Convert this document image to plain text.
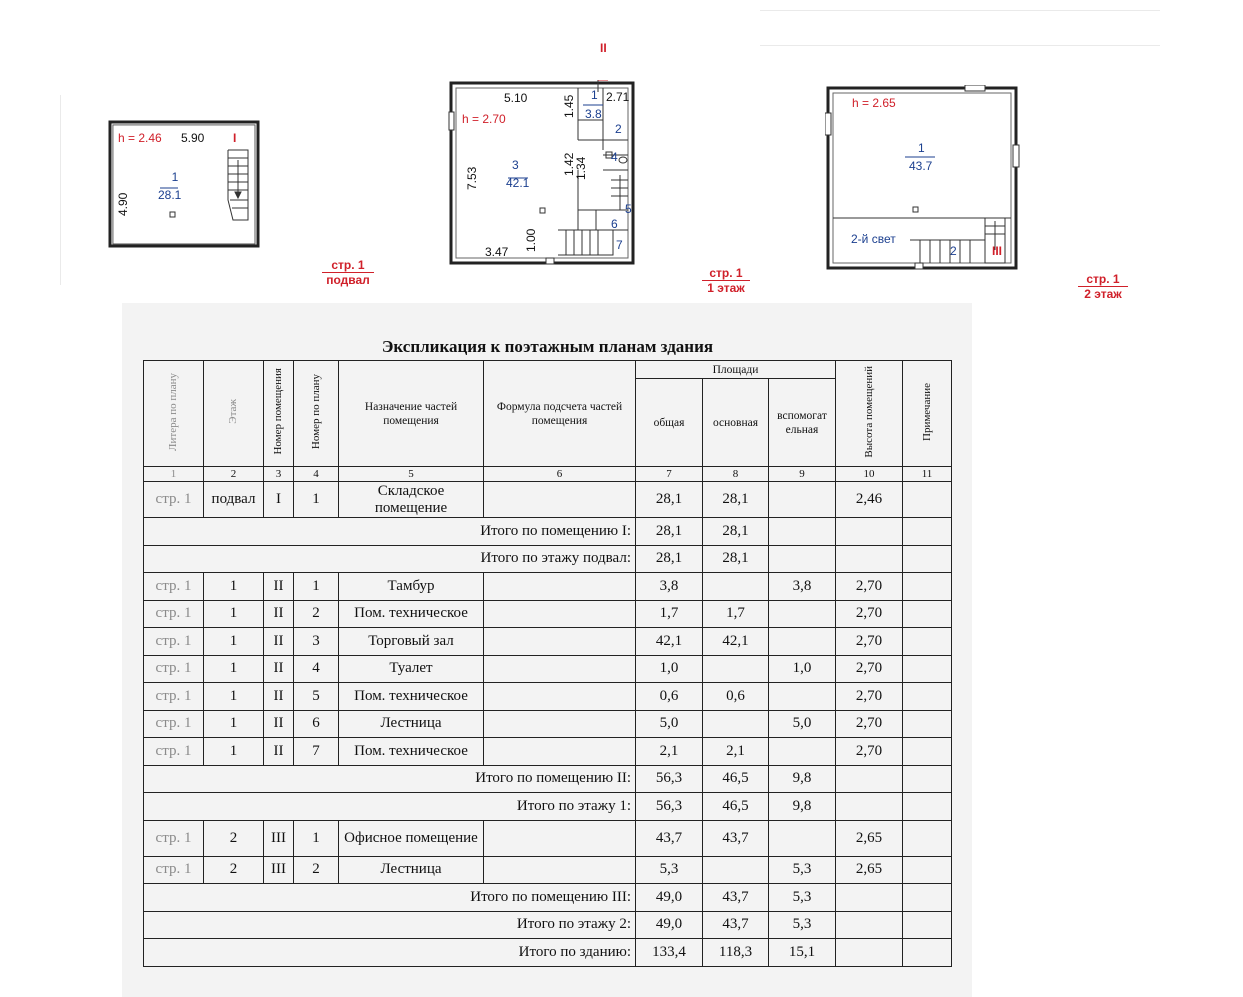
h = 2.46 5.90 I
4.90
1
28.1
стр. 1
подвал
h = 2.70
5.10	1.45 1 2.71
3.8
2
7.53
3
42.1
1.42
1.34 4
5
6
3.47 1.00	7
II
стр. 1
1 этаж
h = 2.65
1
43.7
2-й свет
2	III
стр. 1
2 этаж
Экспликация к поэтажным планам здания
Литера по плану	Этаж	Номер помещения	Номер по плану	Назначение частей помещения	Формула подсчета частей помещения	Площади			Высота помещений	Примечание
						общая	основная	вспомогат ельная		
1	2	3	4	5	6	7	8	9	10	11
стр. 1	подвал	I	1	Складское помещение		28,1	28,1		2,46	
Итого по помещению I:						28,1	28,1			
Итого по этажу подвал:						28,1	28,1			
стр. 1	1	II	1	Тамбур		3,8		3,8	2,70	
стр. 1	1	II	2	Пом. техническое		1,7	1,7		2,70	
стр. 1	1	II	3	Торговый зал		42,1	42,1		2,70	
стр. 1	1	II	4	Туалет		1,0		1,0	2,70	
стр. 1	1	II	5	Пом. техническое		0,6	0,6		2,70	
стр. 1	1	II	6	Лестница		5,0		5,0	2,70	
стр. 1	1	II	7	Пом. техническое		2,1	2,1		2,70	
Итого по помещению II:						56,3	46,5	9,8		
Итого по этажу 1:						56,3	46,5	9,8		
стр. 1	2	III	1	Офисное помещение		43,7	43,7		2,65	
стр. 1	2	III	2	Лестница		5,3		5,3	2,65	
Итого по помещению III:						49,0	43,7	5,3		
Итого по этажу 2:						49,0	43,7	5,3		
Итого по зданию:						133,4	118,3	15,1		
